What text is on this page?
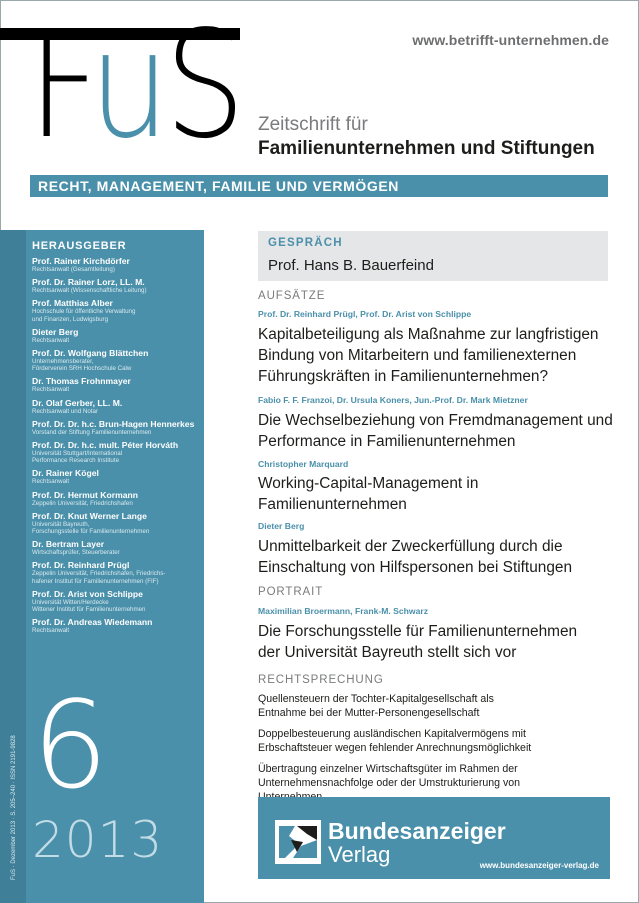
FuS	www.betrifft-unternehmen.de
Zeitschrift für
Familienunternehmen und Stiftungen
RECHT, MANAGEMENT, FAMILIE UND VERMÖGEN
HERAUSGEBER
Prof. Rainer Kirchdörfer
Rechtsanwalt (Gesamtleitung)
Prof. Dr. Rainer Lorz, LL. M.
Rechtsanwalt (Wissenschaftliche Leitung)
Prof. Matthias Alber
Hochschule für öffentliche Verwaltung
und Finanzen, Ludwigsburg
Dieter Berg
Rechtsanwalt
Prof. Dr. Wolfgang Blättchen
Unternehmensberater,
Förderverein SRH Hochschule Calw
Dr. Thomas Frohnmayer
Rechtsanwalt
Dr. Olaf Gerber, LL. M.
Rechtsanwalt und Notar
Prof. Dr. Dr. h.c. Brun-Hagen Hennerkes
Vorstand der Stiftung Familienunternehmen
Prof. Dr. Dr. h.c. mult. Péter Horváth
Universität Stuttgart/International
Performance Research Institute
Dr. Rainer Kögel
Rechtsanwalt
Prof. Dr. Hermut Kormann
Zeppelin Universität, Friedrichshafen
Prof. Dr. Knut Werner Lange
Universität Bayreuth,
Forschungsstelle für Familienunternehmen
Dr. Bertram Layer
Wirtschaftsprüfer, Steuerberater
Prof. Dr. Reinhard Prügl
Zeppelin Universität, Friedrichshafen, Friedrichs-
hafener Institut für Familienunternehmen (FIF)
Prof. Dr. Arist von Schlippe
Universität Witten/Herdecke
Wittener Institut für Familienunternehmen
Prof. Dr. Andreas Wiedemann
Rechtsanwalt
6
2013
FuS · Dezember 2013 · S. 205–240 · ISSN 2191-9828
GESPRÄCH
Prof. Hans B. Bauerfeind
AUFSÄTZE
Prof. Dr. Reinhard Prügl, Prof. Dr. Arist von Schlippe
Kapitalbeteiligung als Maßnahme zur langfristigen Bindung von Mitarbeitern und familienexternen Führungskräften in Familienunternehmen?
Fabio F. F. Franzoi, Dr. Ursula Koners, Jun.-Prof. Dr. Mark Mietzner
Die Wechselbeziehung von Fremdmanagement und Performance in Familienunternehmen
Christopher Marquard
Working-Capital-Management in Familienunternehmen
Dieter Berg
Unmittelbarkeit der Zweckerfüllung durch die Einschaltung von Hilfspersonen bei Stiftungen
PORTRAIT
Maximilian Broermann, Frank-M. Schwarz
Die Forschungsstelle für Familienunternehmen der Universität Bayreuth stellt sich vor
RECHTSPRECHUNG
Quellensteuern der Tochter-Kapitalgesellschaft als Entnahme bei der Mutter-Personengesellschaft
Doppelbesteuerung ausländischen Kapitalvermögens mit Erbschaftsteuer wegen fehlender Anrechnungsmöglichkeit
Übertragung einzelner Wirtschaftsgüter im Rahmen der Unternehmensnachfolge oder der Umstrukturierung von
Bundesanzeiger
Verlag	www.bundesanzeiger-verlag.de
